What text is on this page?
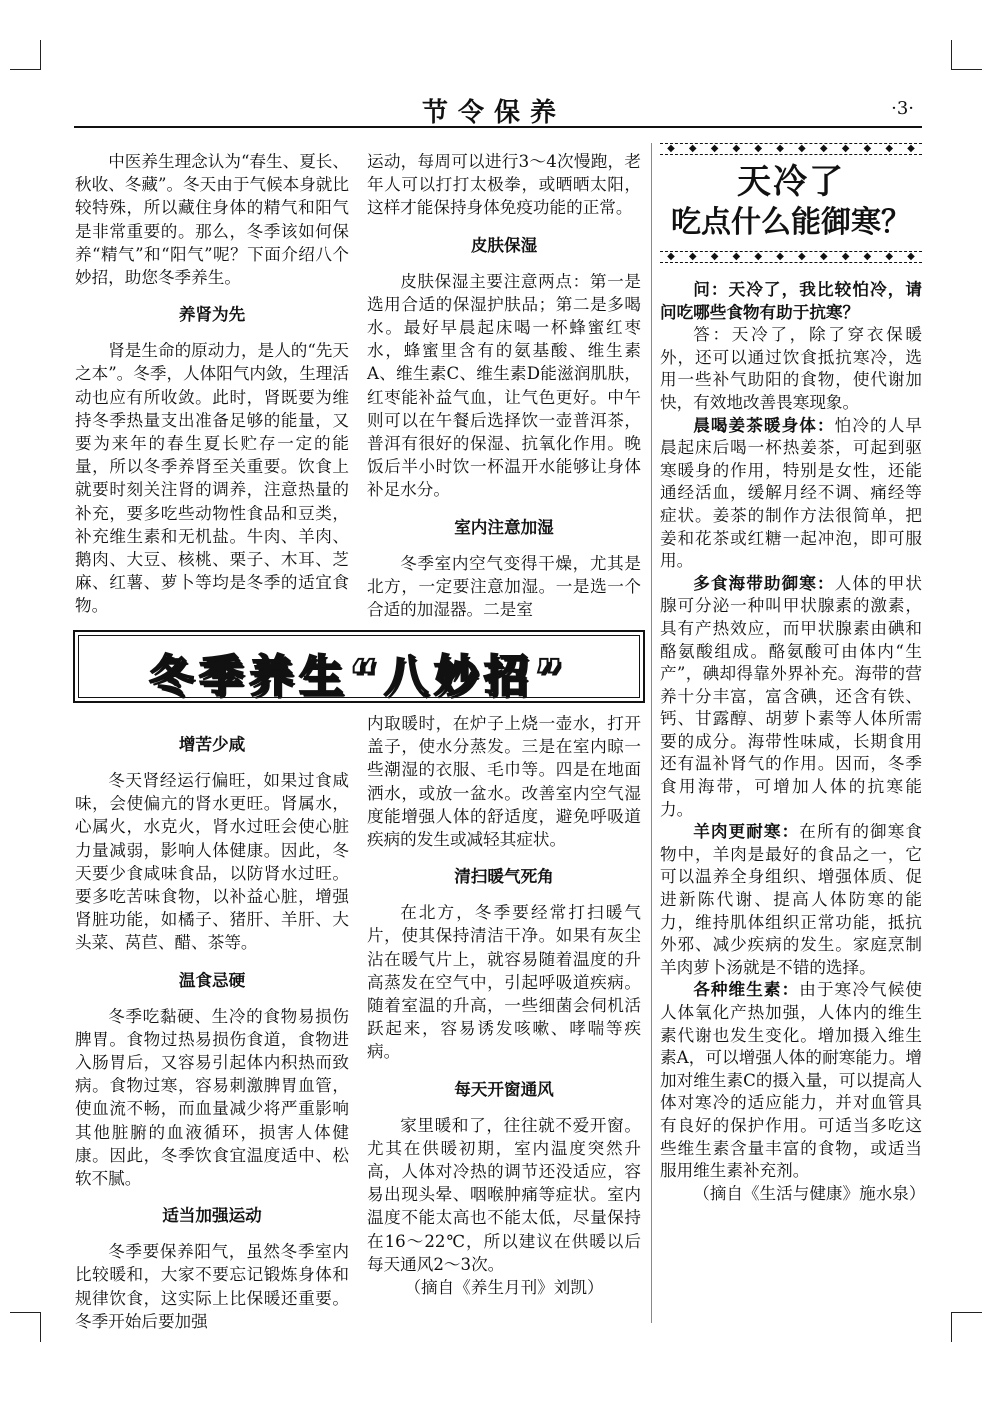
节令保养	·3·

中医养生理念认为“春生、夏长、秋收、冬藏”。冬天由于气候本身就比较特殊，所以藏住身体的精气和阳气是非常重要的。那么，冬季该如何保养“精气”和“阳气”呢？下面介绍八个妙招，助您冬季养生。

养肾为先

肾是生命的原动力，是人的“先天之本”。冬季，人体阳气内敛，生理活动也应有所收敛。此时，肾既要为维持冬季热量支出准备足够的能量，又要为来年的春生夏长贮存一定的能量，所以冬季养肾至关重要。饮食上就要时刻关注肾的调养，注意热量的补充，要多吃些动物性食品和豆类，补充维生素和无机盐。牛肉、羊肉、鹅肉、大豆、核桃、栗子、木耳、芝麻、红薯、萝卜等均是冬季的适宜食物。

运动，每周可以进行3～4次慢跑，老年人可以打打太极拳，或晒晒太阳，这样才能保持身体免疫功能的正常。

皮肤保湿

皮肤保湿主要注意两点：第一是选用合适的保湿护肤品；第二是多喝水。最好早晨起床喝一杯蜂蜜红枣水，蜂蜜里含有的氨基酸、维生素A、维生素C、维生素D能滋润肌肤，红枣能补益气血，让气色更好。中午则可以在午餐后选择饮一壶普洱茶，普洱有很好的保湿、抗氧化作用。晚饭后半小时饮一杯温开水能够让身体补足水分。

室内注意加湿

冬季室内空气变得干燥，尤其是北方，一定要注意加湿。一是选一个合适的加湿器。二是室

冬季养生“八妙招”
增苦少咸

冬天肾经运行偏旺，如果过食咸味，会使偏亢的肾水更旺。肾属水，心属火，水克火，肾水过旺会使心脏力量减弱，影响人体健康。因此，冬天要少食咸味食品，以防肾水过旺。要多吃苦味食物，以补益心脏，增强肾脏功能，如橘子、猪肝、羊肝、大头菜、莴苣、醋、茶等。

温食忌硬

冬季吃黏硬、生冷的食物易损伤脾胃。食物过热易损伤食道，食物进入肠胃后，又容易引起体内积热而致病。食物过寒，容易刺激脾胃血管，使血流不畅，而血量减少将严重影响其他脏腑的血液循环，损害人体健康。因此，冬季饮食宜温度适中、松软不腻。

适当加强运动

冬季要保养阳气，虽然冬季室内比较暖和，大家不要忘记锻炼身体和规律饮食，这实际上比保暖还重要。冬季开始后要加强

内取暖时，在炉子上烧一壶水，打开盖子，使水分蒸发。三是在室内晾一些潮湿的衣服、毛巾等。四是在地面洒水，或放一盆水。改善室内空气湿度能增强人体的舒适度，避免呼吸道疾病的发生或减轻其症状。

清扫暖气死角

在北方，冬季要经常打扫暖气片，使其保持清洁干净。如果有灰尘沾在暖气片上，就容易随着温度的升高蒸发在空气中，引起呼吸道疾病。随着室温的升高，一些细菌会伺机活跃起来，容易诱发咳嗽、哮喘等疾病。

每天开窗通风

家里暖和了，往往就不爱开窗。尤其在供暖初期，室内温度突然升高，人体对冷热的调节还没适应，容易出现头晕、咽喉肿痛等症状。室内温度不能太高也不能太低，尽量保持在16～22℃，所以建议在供暖以后每天通风2～3次。

（摘自《养生月刊》刘凯）

◆ ◆ ◆ ◆ ◆ ◆ ◆ ◆ ◆ ◆ ◆ ◆
天冷了
吃点什么能御寒？
◆ ◆ ◆ ◆ ◆ ◆ ◆ ◆ ◆ ◆ ◆ ◆

问：天冷了，我比较怕冷，请问吃哪些食物有助于抗寒？

答：天冷了，除了穿衣保暖外，还可以通过饮食抵抗寒冷，选用一些补气助阳的食物，使代谢加快，有效地改善畏寒现象。

晨喝姜茶暖身体：怕冷的人早晨起床后喝一杯热姜茶，可起到驱寒暖身的作用，特别是女性，还能通经活血，缓解月经不调、痛经等症状。姜茶的制作方法很简单，把姜和花茶或红糖一起冲泡，即可服用。

多食海带助御寒：人体的甲状腺可分泌一种叫甲状腺素的激素，具有产热效应，而甲状腺素由碘和酪氨酸组成。酪氨酸可由体内“生产”，碘却得靠外界补充。海带的营养十分丰富，富含碘，还含有铁、钙、甘露醇、胡萝卜素等人体所需要的成分。海带性味咸，长期食用还有温补肾气的作用。因而，冬季食用海带，可增加人体的抗寒能力。

羊肉更耐寒：在所有的御寒食物中，羊肉是最好的食品之一，它可以温养全身组织、增强体质、促进新陈代谢、提高人体防寒的能力，维持肌体组织正常功能，抵抗外邪、减少疾病的发生。家庭烹制羊肉萝卜汤就是不错的选择。

各种维生素：由于寒冷气候使人体氧化产热加强，人体内的维生素代谢也发生变化。增加摄入维生素A，可以增强人体的耐寒能力。增加对维生素C的摄入量，可以提高人体对寒冷的适应能力，并对血管具有良好的保护作用。可适当多吃这些维生素含量丰富的食物，或适当服用维生素补充剂。

（摘自《生活与健康》施水泉）
